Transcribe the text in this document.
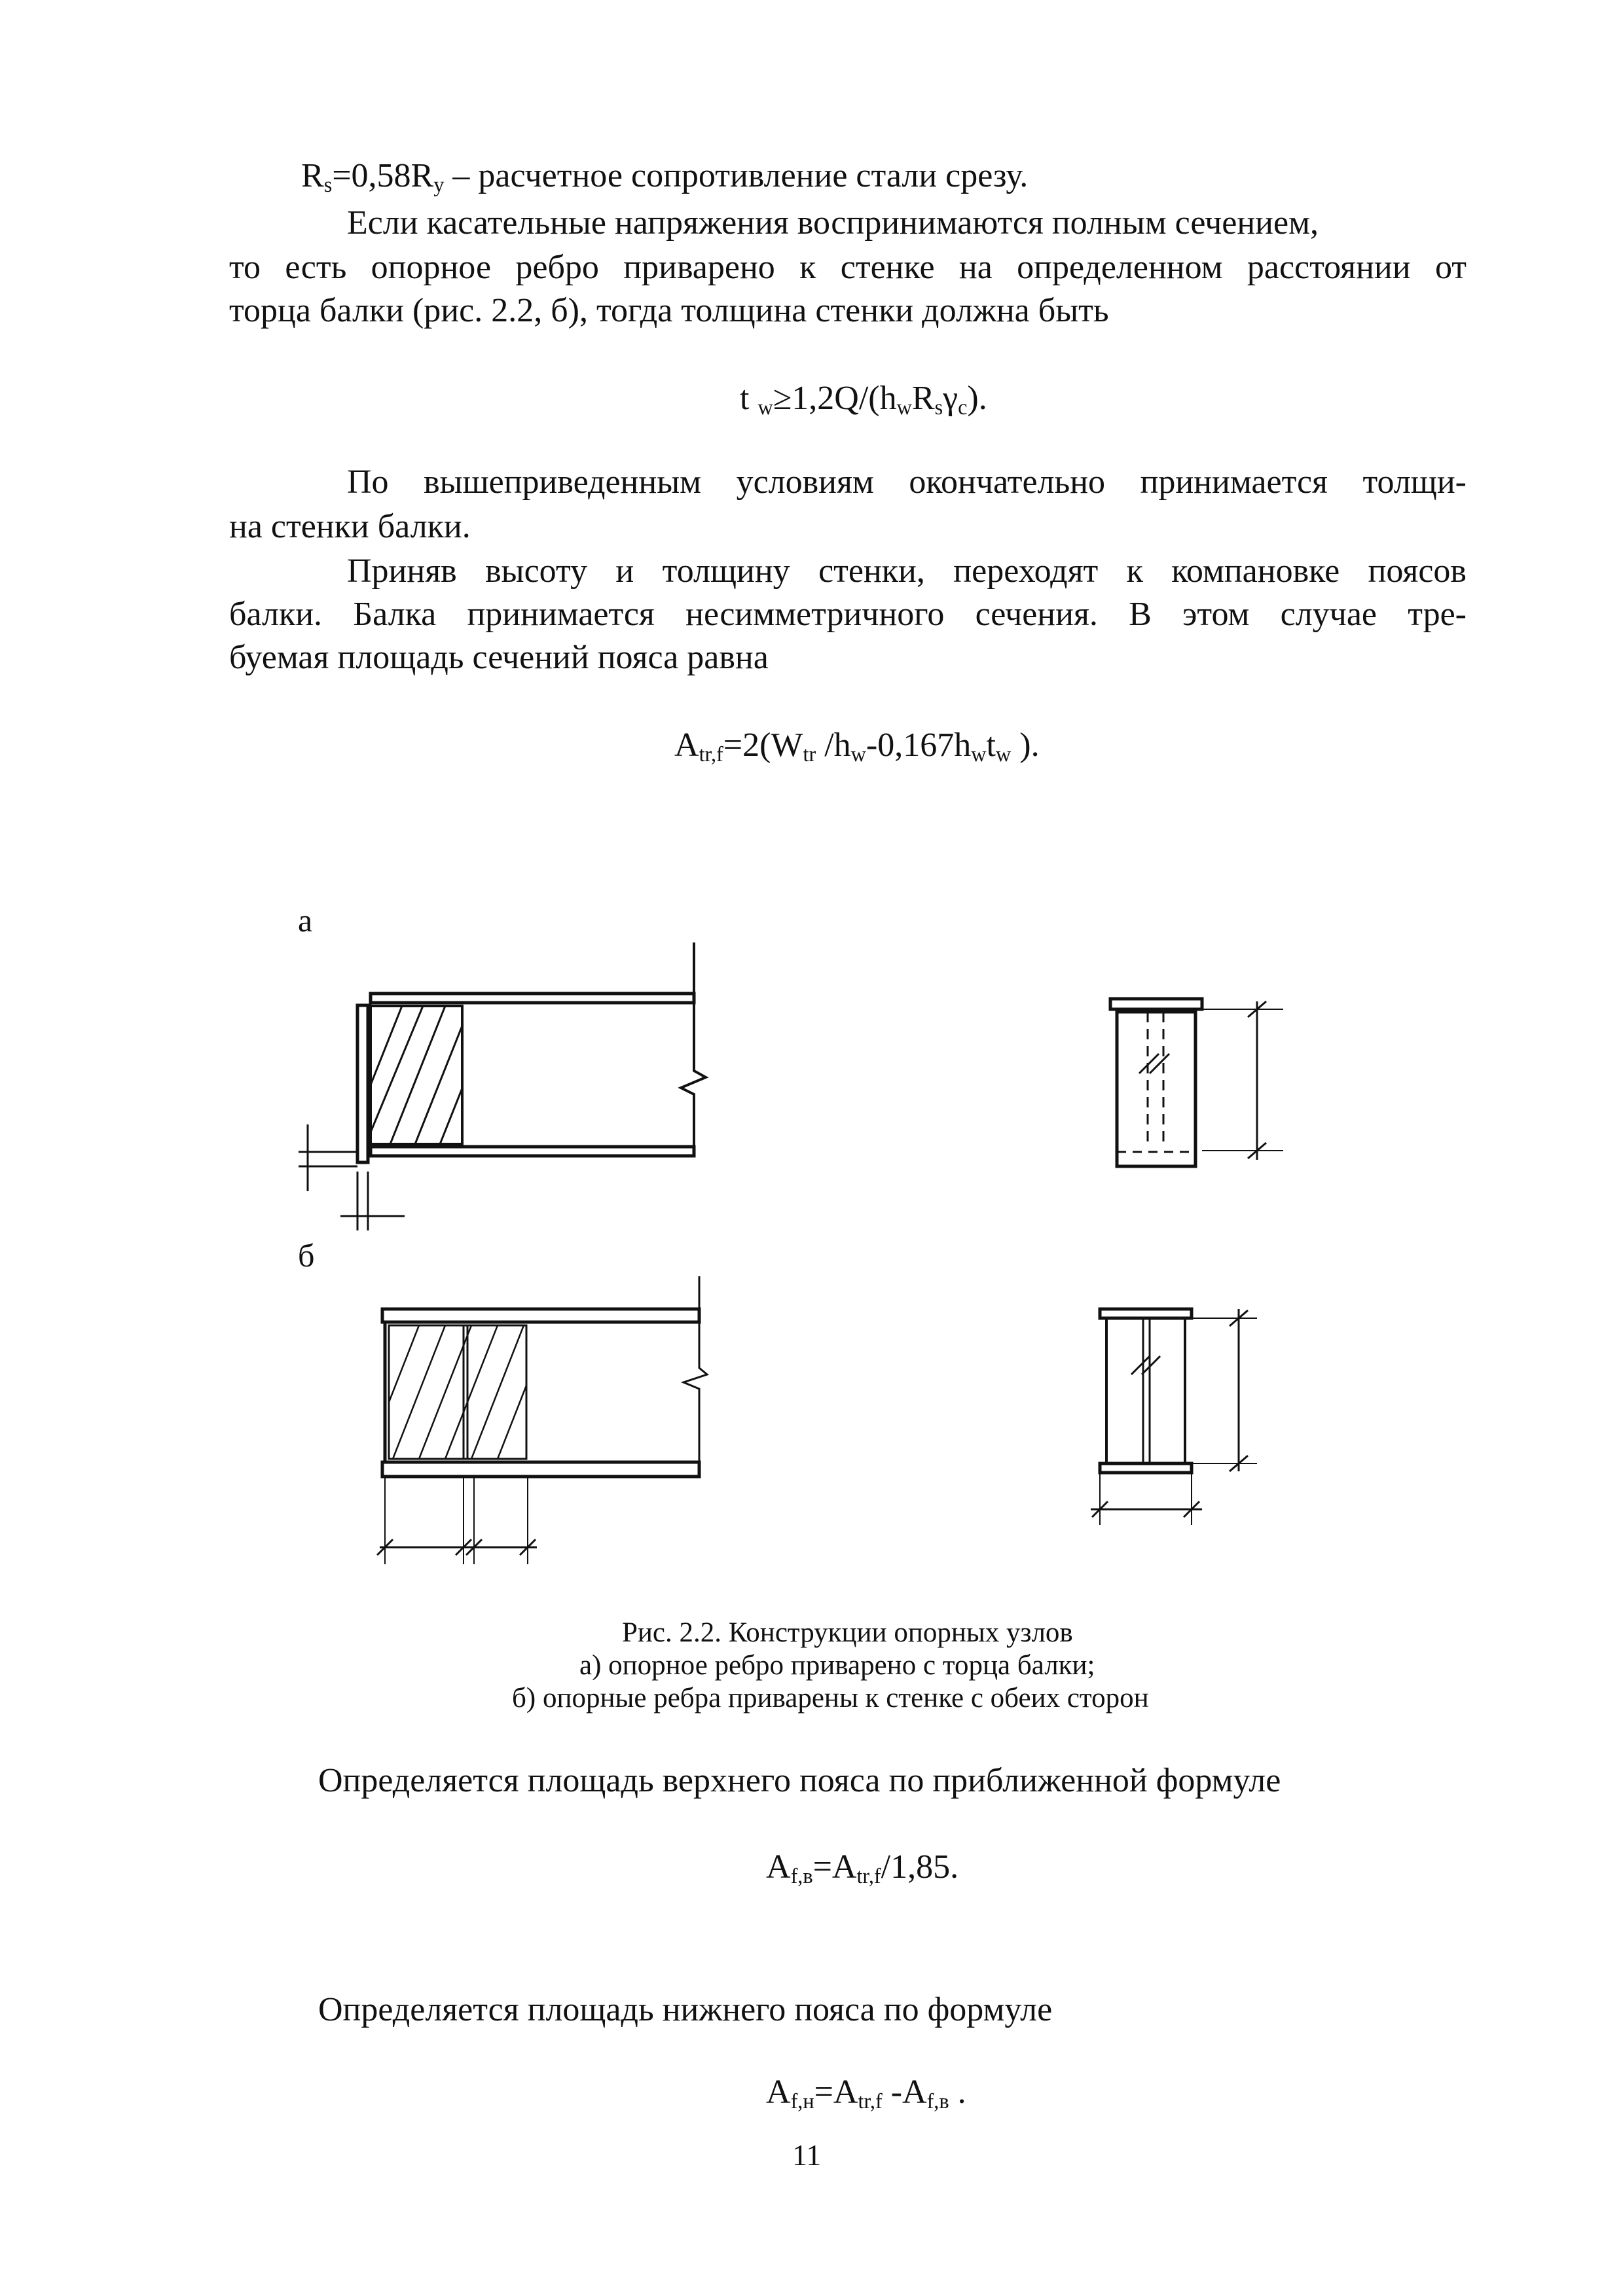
$R_s=0,58R_y$ – расчетное сопротивление стали срезу.

Если касательные напряжения воспринимаются полным сечением,

то есть опорное ребро приварено к стенке на определенном расстоянии от

торца балки (рис. 2.2, б), тогда толщина стенки должна быть

t $_w\ge 1,2Q/(h_wR_s\gamma_c)$.

По вышеприведенным условиям окончательно принимается толщи-

на стенки балки.

Приняв высоту и толщину стенки, переходят к компановке поясов

балки. Балка принимается несимметричного сечения. В этом случае тре-

буемая площадь сечений пояса равна

$A_{tr,f}=2(W_{tr}$ $/h_w-0,167h_wt_w$ ).

а

б

Рис. 2.2. Конструкции опорных узлов

а) опорное ребро приварено с торца балки;

б) опорные ребра приварены к стенке с обеих сторон

Определяется площадь верхнего пояса по приближенной формуле

$A_{f,в}=A_{tr,f}/1,85$.

Определяется площадь нижнего пояса по формуле

$A_{f,н}=A_{tr,f}$ $-A_{f,в}$ .

11
